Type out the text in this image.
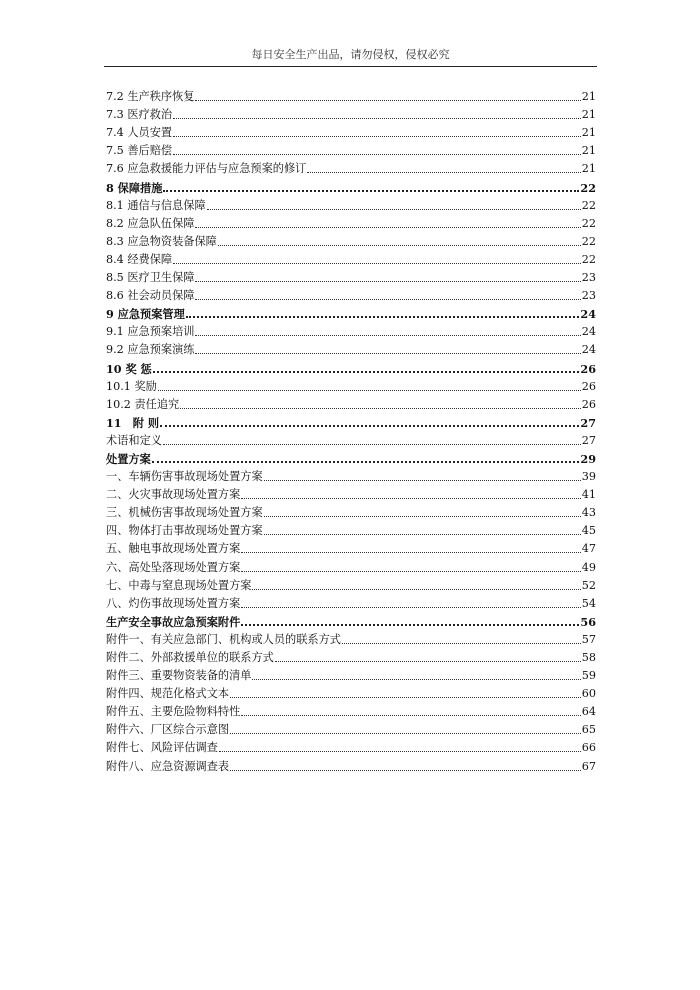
每日安全生产出品，请勿侵权，侵权必究
7.2 生产秩序恢复	21
7.3 医疗救治	21
7.4 人员安置	21
7.5 善后赔偿	21
7.6 应急救援能力评估与应急预案的修订	21
8 保障措施	22
8.1 通信与信息保障	22
8.2 应急队伍保障	22
8.3 应急物资装备保障	22
8.4 经费保障	22
8.5 医疗卫生保障	23
8.6 社会动员保障	23
9 应急预案管理	24
9.1 应急预案培训	24
9.2 应急预案演练	24
10 奖 惩	26
10.1 奖励	26
10.2 责任追究	26
11　附 则	27
术语和定义	27
处置方案	29
一、车辆伤害事故现场处置方案	39
二、火灾事故现场处置方案	41
三、机械伤害事故现场处置方案	43
四、物体打击事故现场处置方案	45
五、触电事故现场处置方案	47
六、高处坠落现场处置方案	49
七、中毒与窒息现场处置方案	52
八、灼伤事故现场处置方案	54
生产安全事故应急预案附件	56
附件一、有关应急部门、机构或人员的联系方式	57
附件二、外部救援单位的联系方式	58
附件三、重要物资装备的清单	59
附件四、规范化格式文本	60
附件五、主要危险物料特性	64
附件六、厂区综合示意图	65
附件七、风险评估调查	66
附件八、应急资源调查表	67
